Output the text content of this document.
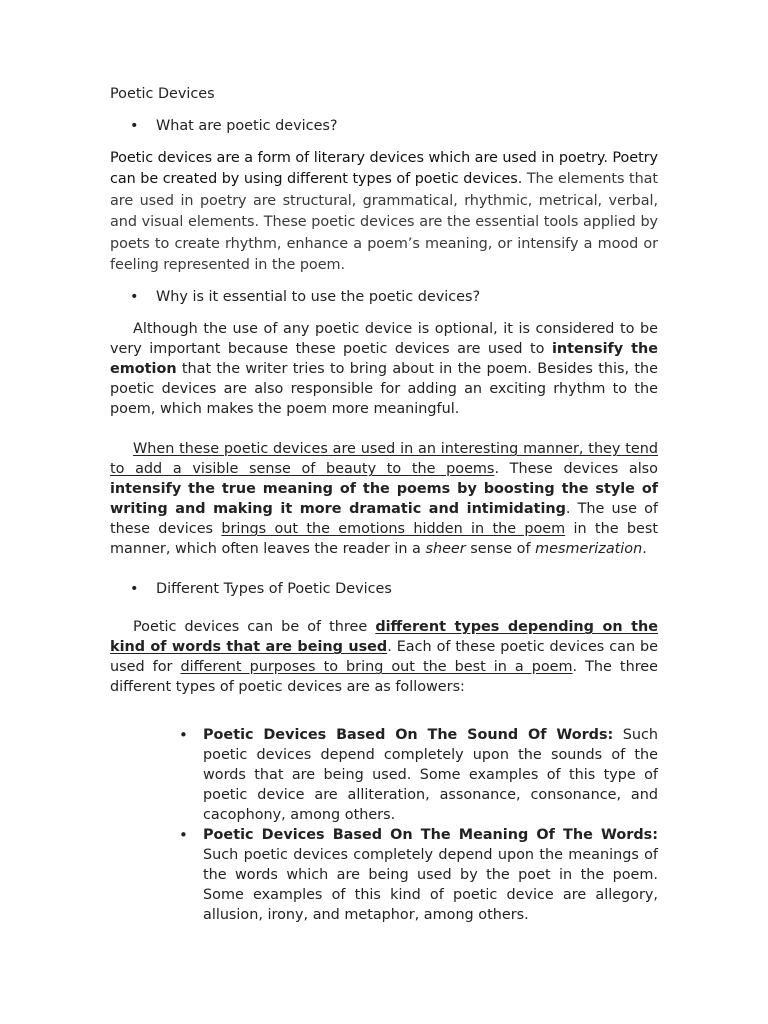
Poetic Devices
• What are poetic devices?

Poetic devices are a form of literary devices which are used in poetry. Poetry can be created by using different types of poetic devices. The elements that are used in poetry are structural, grammatical, rhythmic, metrical, verbal, and visual elements. These poetic devices are the essential tools applied by poets to create rhythm, enhance a poem’s meaning, or intensify a mood or feeling represented in the poem.

• Why is it essential to use the poetic devices?

Although the use of any poetic device is optional, it is considered to be very important because these poetic devices are used to intensify the emotion that the writer tries to bring about in the poem. Besides this, the poetic devices are also responsible for adding an exciting rhythm to the poem, which makes the poem more meaningful.

When these poetic devices are used in an interesting manner, they tend to add a visible sense of beauty to the poems. These devices also intensify the true meaning of the poems by boosting the style of writing and making it more dramatic and intimidating. The use of these devices brings out the emotions hidden in the poem in the best manner, which often leaves the reader in a sheer sense of mesmerization.

• Different Types of Poetic Devices

Poetic devices can be of three different types depending on the kind of words that are being used. Each of these poetic devices can be used for different purposes to bring out the best in a poem. The three different types of poetic devices are as followers:

• Poetic Devices Based On The Sound Of Words: Such poetic devices depend completely upon the sounds of the words that are being used. Some examples of this type of poetic device are alliteration, assonance, consonance, and cacophony, among others.
• Poetic Devices Based On The Meaning Of The Words: Such poetic devices completely depend upon the meanings of the words which are being used by the poet in the poem. Some examples of this kind of poetic device are allegory, allusion, irony, and metaphor, among others.
